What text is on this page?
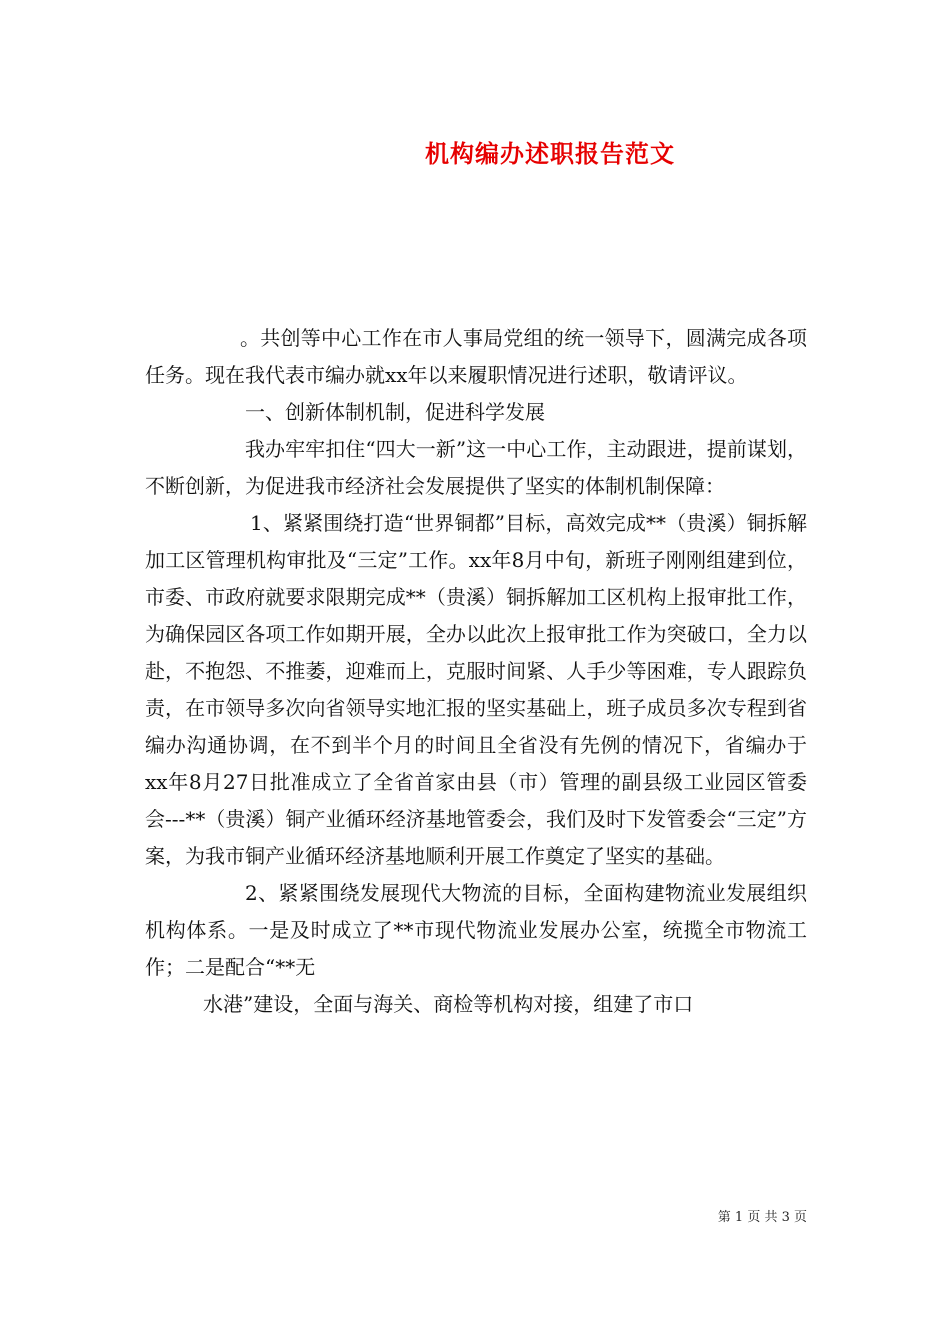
机构编办述职报告范文

。共创等中心工作在市人事局党组的统一领导下，圆满完成各项任务。现在我代表市编办就xx年以来履职情况进行述职，敬请评议。

一、创新体制机制，促进科学发展

我办牢牢扣住“四大一新”这一中心工作，主动跟进，提前谋划，不断创新，为促进我市经济社会发展提供了坚实的体制机制保障：

1、紧紧围绕打造“世界铜都”目标，高效完成**（贵溪）铜拆解加工区管理机构审批及“三定”工作。xx年8月中旬，新班子刚刚组建到位，市委、市政府就要求限期完成**（贵溪）铜拆解加工区机构上报审批工作，为确保园区各项工作如期开展，全办以此次上报审批工作为突破口，全力以赴，不抱怨、不推萎，迎难而上，克服时间紧、人手少等困难，专人跟踪负责，在市领导多次向省领导实地汇报的坚实基础上，班子成员多次专程到省编办沟通协调，在不到半个月的时间且全省没有先例的情况下，省编办于xx年8月27日批准成立了全省首家由县（市）管理的副县级工业园区管委会---**（贵溪）铜产业循环经济基地管委会，我们及时下发管委会“三定”方案，为我市铜产业循环经济基地顺利开展工作奠定了坚实的基础。

2、紧紧围绕发展现代大物流的目标，全面构建物流业发展组织机构体系。一是及时成立了**市现代物流业发展办公室，统揽全市物流工作；二是配合“**无

水港”建设，全面与海关、商检等机构对接，组建了市口

第 1 页 共 3 页
